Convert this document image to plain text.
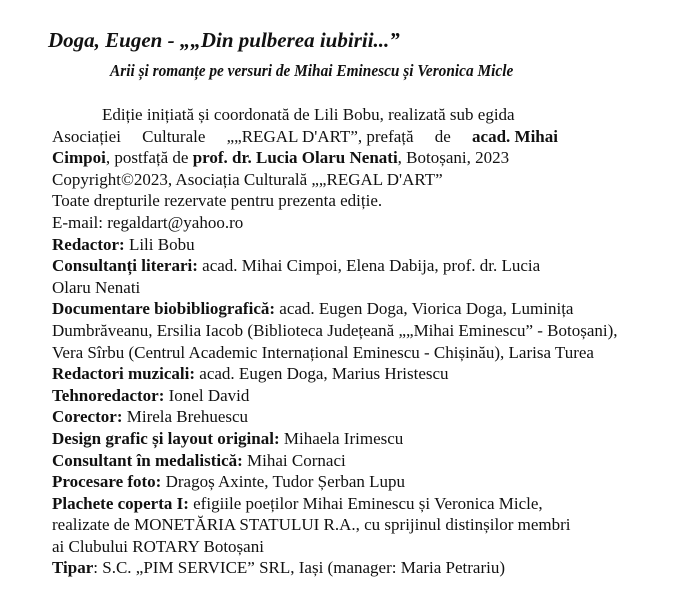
Doga, Eugen - „„Din pulberea iubirii...”
Arii și romanțe pe versuri de Mihai Eminescu și Veronica Micle
Ediție inițiată și coordonată de Lili Bobu, realizată sub egida
Asociației Culturale „„REGAL D'ART”, prefață de acad. Mihai
Cimpoi, postfață de prof. dr. Lucia Olaru Nenati, Botoșani, 2023
Copyright©2023, Asociația Culturală „„REGAL D'ART”
Toate drepturile rezervate pentru prezenta ediție.
E-mail: regaldart@yahoo.ro
Redactor: Lili Bobu
Consultanți literari: acad. Mihai Cimpoi, Elena Dabija, prof. dr. Lucia
Olaru Nenati
Documentare biobibliografică: acad. Eugen Doga, Viorica Doga, Luminița
Dumbrăveanu, Ersilia Iacob (Biblioteca Județeană „„Mihai Eminescu” - Botoșani),
Vera Sîrbu (Centrul Academic Internațional Eminescu - Chișinău), Larisa Turea
Redactori muzicali: acad. Eugen Doga, Marius Hristescu
Tehnoredactor: Ionel David
Corector: Mirela Brehuescu
Design grafic și layout original: Mihaela Irimescu
Consultant în medalistică: Mihai Cornaci
Procesare foto: Dragoș Axinte, Tudor Șerban Lupu
Plachete coperta I: efigiile poeților Mihai Eminescu și Veronica Micle,
realizate de MONETĂRIA STATULUI R.A., cu sprijinul distinșilor membri
ai Clubului ROTARY Botoșani
Tipar: S.C. „PIM SERVICE” SRL, Iași (manager: Maria Petrariu)
